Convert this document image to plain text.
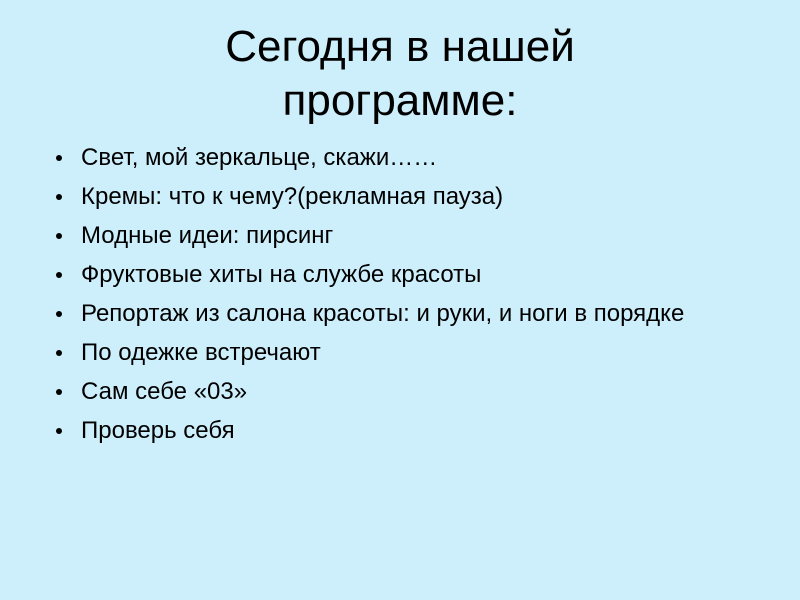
Сегодня в нашей
программе:
Свет, мой зеркальце, скажи……
Кремы: что к чему?(рекламная пауза)
Модные идеи: пирсинг
Фруктовые хиты на службе красоты
Репортаж из салона красоты: и руки, и ноги в порядке
По одежке встречают
Сам себе «03»
Проверь себя
